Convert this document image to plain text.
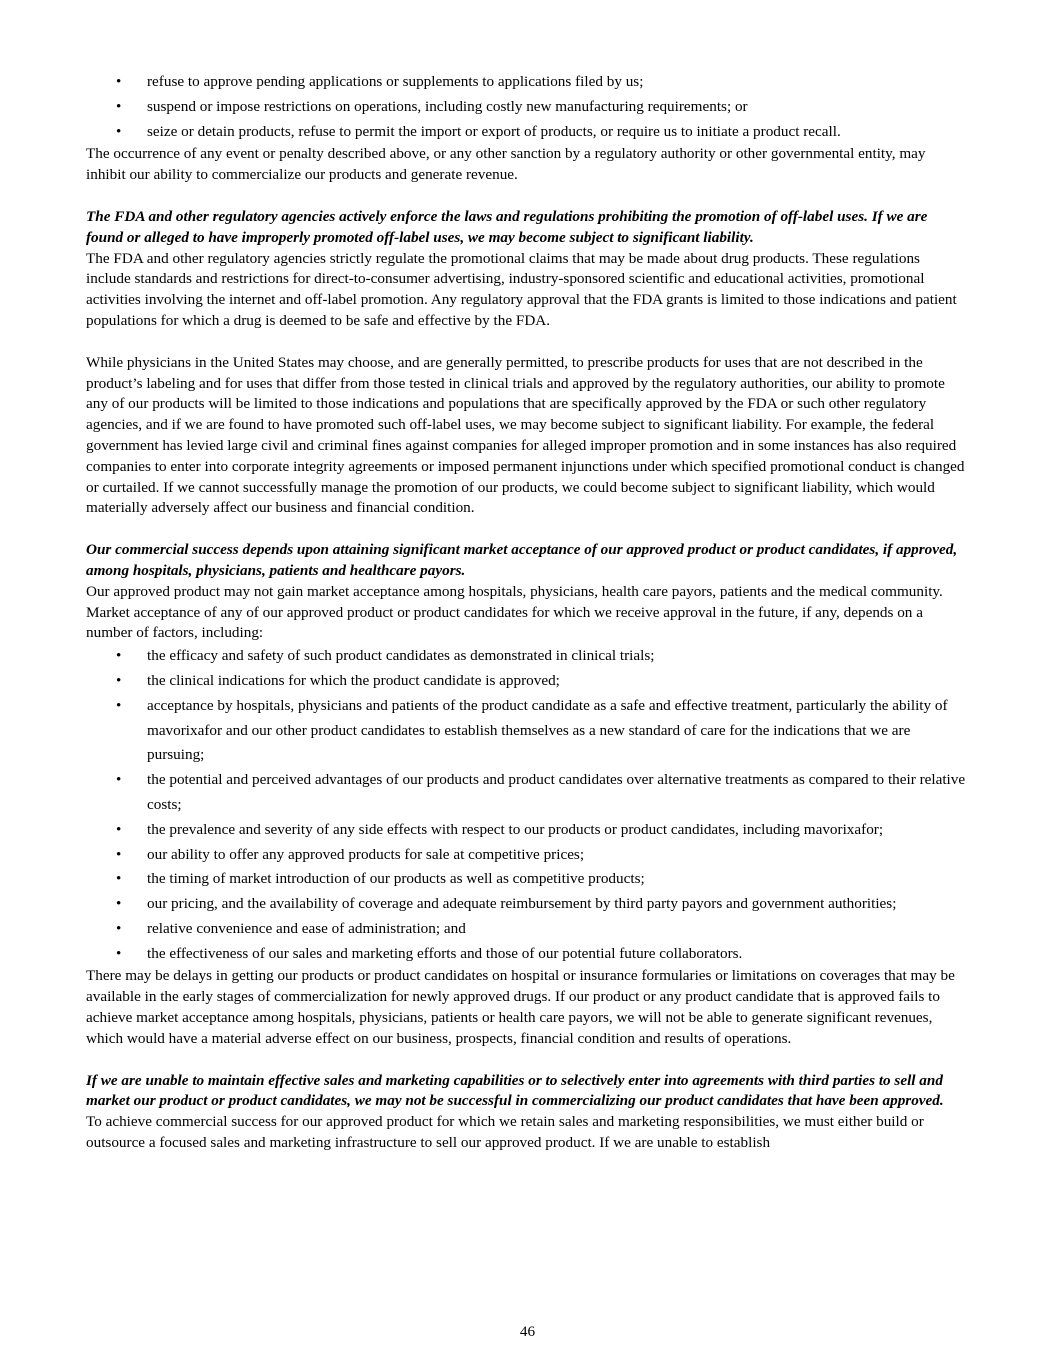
• refuse to approve pending applications or supplements to applications filed by us;
• suspend or impose restrictions on operations, including costly new manufacturing requirements; or
• seize or detain products, refuse to permit the import or export of products, or require us to initiate a product recall.

The occurrence of any event or penalty described above, or any other sanction by a regulatory authority or other governmental entity, may inhibit our ability to commercialize our products and generate revenue.

The FDA and other regulatory agencies actively enforce the laws and regulations prohibiting the promotion of off-label uses. If we are found or alleged to have improperly promoted off-label uses, we may become subject to significant liability.

The FDA and other regulatory agencies strictly regulate the promotional claims that may be made about drug products. These regulations include standards and restrictions for direct-to-consumer advertising, industry-sponsored scientific and educational activities, promotional activities involving the internet and off-label promotion. Any regulatory approval that the FDA grants is limited to those indications and patient populations for which a drug is deemed to be safe and effective by the FDA.

While physicians in the United States may choose, and are generally permitted, to prescribe products for uses that are not described in the product’s labeling and for uses that differ from those tested in clinical trials and approved by the regulatory authorities, our ability to promote any of our products will be limited to those indications and populations that are specifically approved by the FDA or such other regulatory agencies, and if we are found to have promoted such off-label uses, we may become subject to significant liability. For example, the federal government has levied large civil and criminal fines against companies for alleged improper promotion and in some instances has also required companies to enter into corporate integrity agreements or imposed permanent injunctions under which specified promotional conduct is changed or curtailed. If we cannot successfully manage the promotion of our products, we could become subject to significant liability, which would materially adversely affect our business and financial condition.

Our commercial success depends upon attaining significant market acceptance of our approved product or product candidates, if approved, among hospitals, physicians, patients and healthcare payors.

Our approved product may not gain market acceptance among hospitals, physicians, health care payors, patients and the medical community. Market acceptance of any of our approved product or product candidates for which we receive approval in the future, if any, depends on a number of factors, including:

• the efficacy and safety of such product candidates as demonstrated in clinical trials;
• the clinical indications for which the product candidate is approved;
• acceptance by hospitals, physicians and patients of the product candidate as a safe and effective treatment, particularly the ability of mavorixafor and our other product candidates to establish themselves as a new standard of care for the indications that we are pursuing;
• the potential and perceived advantages of our products and product candidates over alternative treatments as compared to their relative costs;
• the prevalence and severity of any side effects with respect to our products or product candidates, including mavorixafor;
• our ability to offer any approved products for sale at competitive prices;
• the timing of market introduction of our products as well as competitive products;
• our pricing, and the availability of coverage and adequate reimbursement by third party payors and government authorities;
• relative convenience and ease of administration; and
• the effectiveness of our sales and marketing efforts and those of our potential future collaborators.

There may be delays in getting our products or product candidates on hospital or insurance formularies or limitations on coverages that may be available in the early stages of commercialization for newly approved drugs. If our product or any product candidate that is approved fails to achieve market acceptance among hospitals, physicians, patients or health care payors, we will not be able to generate significant revenues, which would have a material adverse effect on our business, prospects, financial condition and results of operations.

If we are unable to maintain effective sales and marketing capabilities or to selectively enter into agreements with third parties to sell and market our product or product candidates, we may not be successful in commercializing our product candidates that have been approved.

To achieve commercial success for our approved product for which we retain sales and marketing responsibilities, we must either build or outsource a focused sales and marketing infrastructure to sell our approved product. If we are unable to establish

46
